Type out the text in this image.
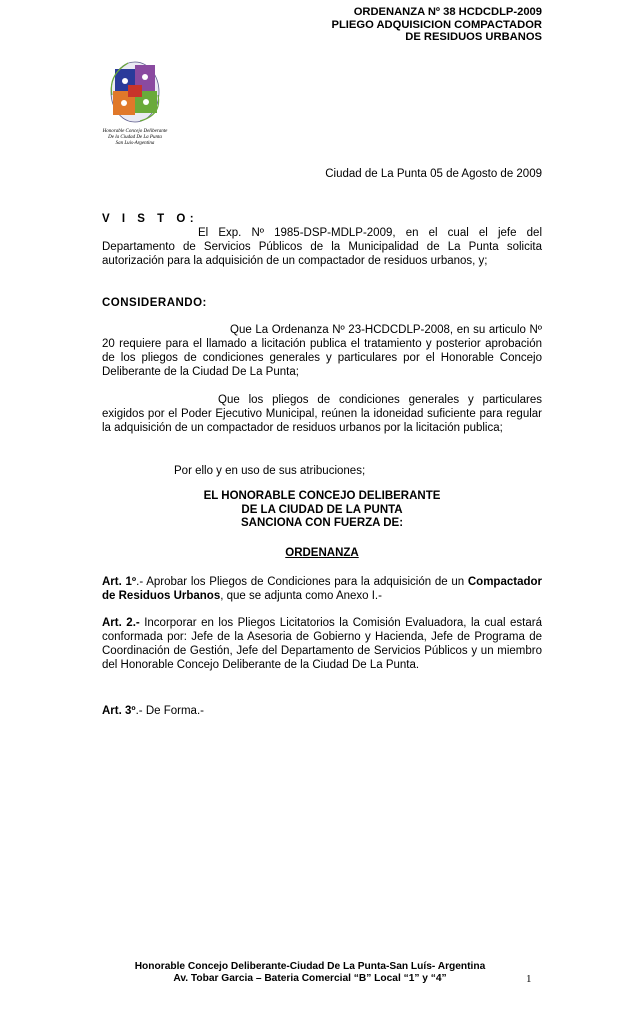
ORDENANZA Nº 38 HCDCDLP-2009
PLIEGO ADQUISICION COMPACTADOR
DE RESIDUOS URBANOS
Honorable Concejo Deliberante
De la Ciudad De La Punta
San Luis-Argentina
Ciudad de La Punta 05 de Agosto de 2009
V I S T O:
El Exp. Nº 1985-DSP-MDLP-2009, en el cual el jefe del Departamento de Servicios Públicos de la Municipalidad de La Punta solicita autorización para la adquisición de un compactador de residuos urbanos, y;
CONSIDERANDO:
Que La Ordenanza Nº 23-HCDCDLP-2008, en su articulo Nº 20 requiere para el llamado a licitación publica el tratamiento y posterior aprobación de los pliegos de condiciones generales y particulares por el Honorable Concejo Deliberante de la Ciudad De La Punta;
Que los pliegos de condiciones generales y particulares exigidos por el Poder Ejecutivo Municipal, reúnen la idoneidad suficiente para regular la adquisición de un compactador de residuos urbanos por la licitación publica;
Por ello y en uso de sus atribuciones;
EL HONORABLE CONCEJO DELIBERANTE
DE LA CIUDAD DE LA PUNTA
SANCIONA CON FUERZA DE:
ORDENANZA
Art. 1º.- Aprobar los Pliegos de Condiciones para la adquisición de un Compactador de Residuos Urbanos, que se adjunta como Anexo I.-
Art. 2.- Incorporar en los Pliegos Licitatorios la Comisión Evaluadora, la cual estará conformada por: Jefe de la Asesoria de Gobierno y Hacienda, Jefe de Programa de Coordinación de Gestión, Jefe del Departamento de Servicios Públicos y un miembro del Honorable Concejo Deliberante de la Ciudad De La Punta.
Art. 3º.- De Forma.-
Honorable Concejo Deliberante-Ciudad De La Punta-San Luís- Argentina
Av. Tobar Garcia – Bateria Comercial “B” Local “1” y “4”	1
